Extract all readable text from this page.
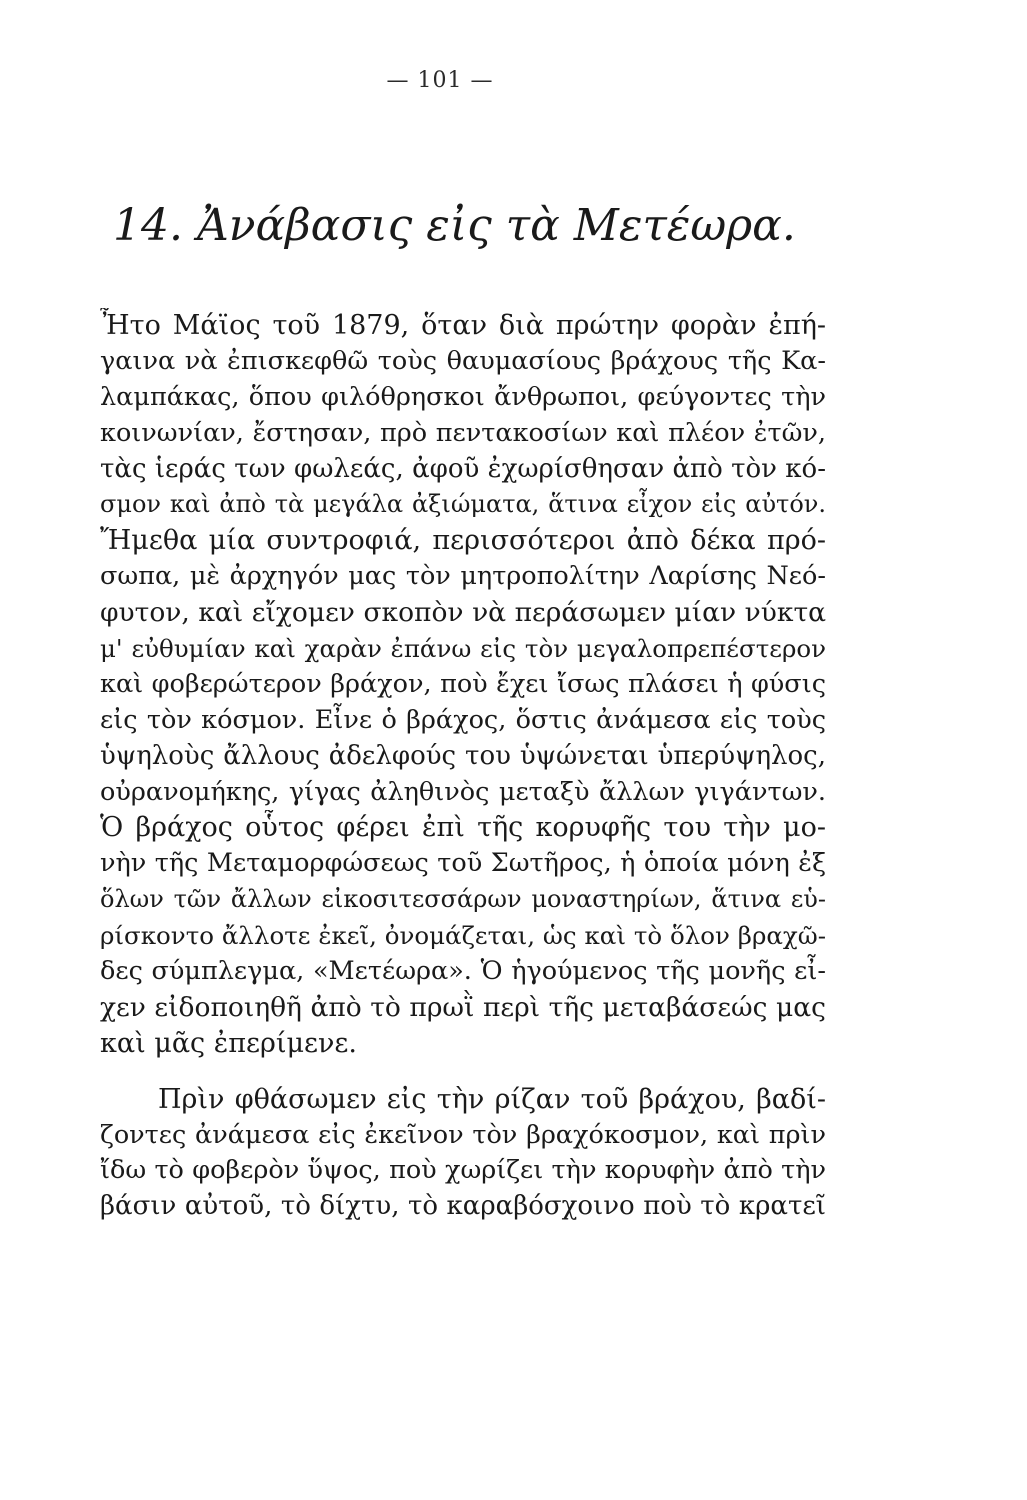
— 101 —
14. Ἀνάβασις εἰς τὰ Μετέωρα.
Ἦτο Μάϊος τοῦ 1879, ὅταν διὰ πρώτην φορὰν ἐπή-
γαινα νὰ ἐπισκεφθῶ τοὺς θαυμασίους βράχους τῆς Κα-
λαμπάκας, ὅπου φιλόθρησκοι ἄνθρωποι, φεύγοντες τὴν
κοινωνίαν, ἔστησαν, πρὸ πεντακοσίων καὶ πλέον ἐτῶν,
τὰς ἱεράς των φωλεάς, ἀφοῦ ἐχωρίσθησαν ἀπὸ τὸν κό-
σμον καὶ ἀπὸ τὰ μεγάλα ἀξιώματα, ἅτινα εἶχον εἰς αὐτόν.
Ἤμεθα μία συντροφιά, περισσότεροι ἀπὸ δέκα πρό-
σωπα, μὲ ἀρχηγόν μας τὸν μητροπολίτην Λαρίσης Νεό-
φυτον, καὶ εἴχομεν σκοπὸν νὰ περάσωμεν μίαν νύκτα
μ' εὐθυμίαν καὶ χαρὰν ἐπάνω εἰς τὸν μεγαλοπρεπέστερον
καὶ φοβερώτερον βράχον, ποὺ ἔχει ἴσως πλάσει ἡ φύσις
εἰς τὸν κόσμον. Εἶνε ὁ βράχος, ὅστις ἀνάμεσα εἰς τοὺς
ὑψηλοὺς ἄλλους ἀδελφούς του ὑψώνεται ὑπερύψηλος,
οὐρανομήκης, γίγας ἀληθινὸς μεταξὺ ἄλλων γιγάντων.
Ὁ βράχος οὗτος φέρει ἐπὶ τῆς κορυφῆς του τὴν μο-
νὴν τῆς Μεταμορφώσεως τοῦ Σωτῆρος, ἡ ὁποία μόνη ἐξ
ὅλων τῶν ἄλλων εἰκοσιτεσσάρων μοναστηρίων, ἅτινα εὑ-
ρίσκοντο ἄλλοτε ἐκεῖ, ὀνομάζεται, ὡς καὶ τὸ ὅλον βραχῶ-
δες σύμπλεγμα, «Μετέωρα». Ὁ ἡγούμενος τῆς μονῆς εἶ-
χεν εἰδοποιηθῆ ἀπὸ τὸ πρωῒ περὶ τῆς μεταβάσεώς μας
καὶ μᾶς ἐπερίμενε.
Πρὶν φθάσωμεν εἰς τὴν ρίζαν τοῦ βράχου, βαδί-
ζοντες ἀνάμεσα εἰς ἐκεῖνον τὸν βραχόκοσμον, καὶ πρὶν
ἴδω τὸ φοβερὸν ὕψος, ποὺ χωρίζει τὴν κορυφὴν ἀπὸ τὴν
βάσιν αὐτοῦ, τὸ δίχτυ, τὸ καραβόσχοινο ποὺ τὸ κρατεῖ
